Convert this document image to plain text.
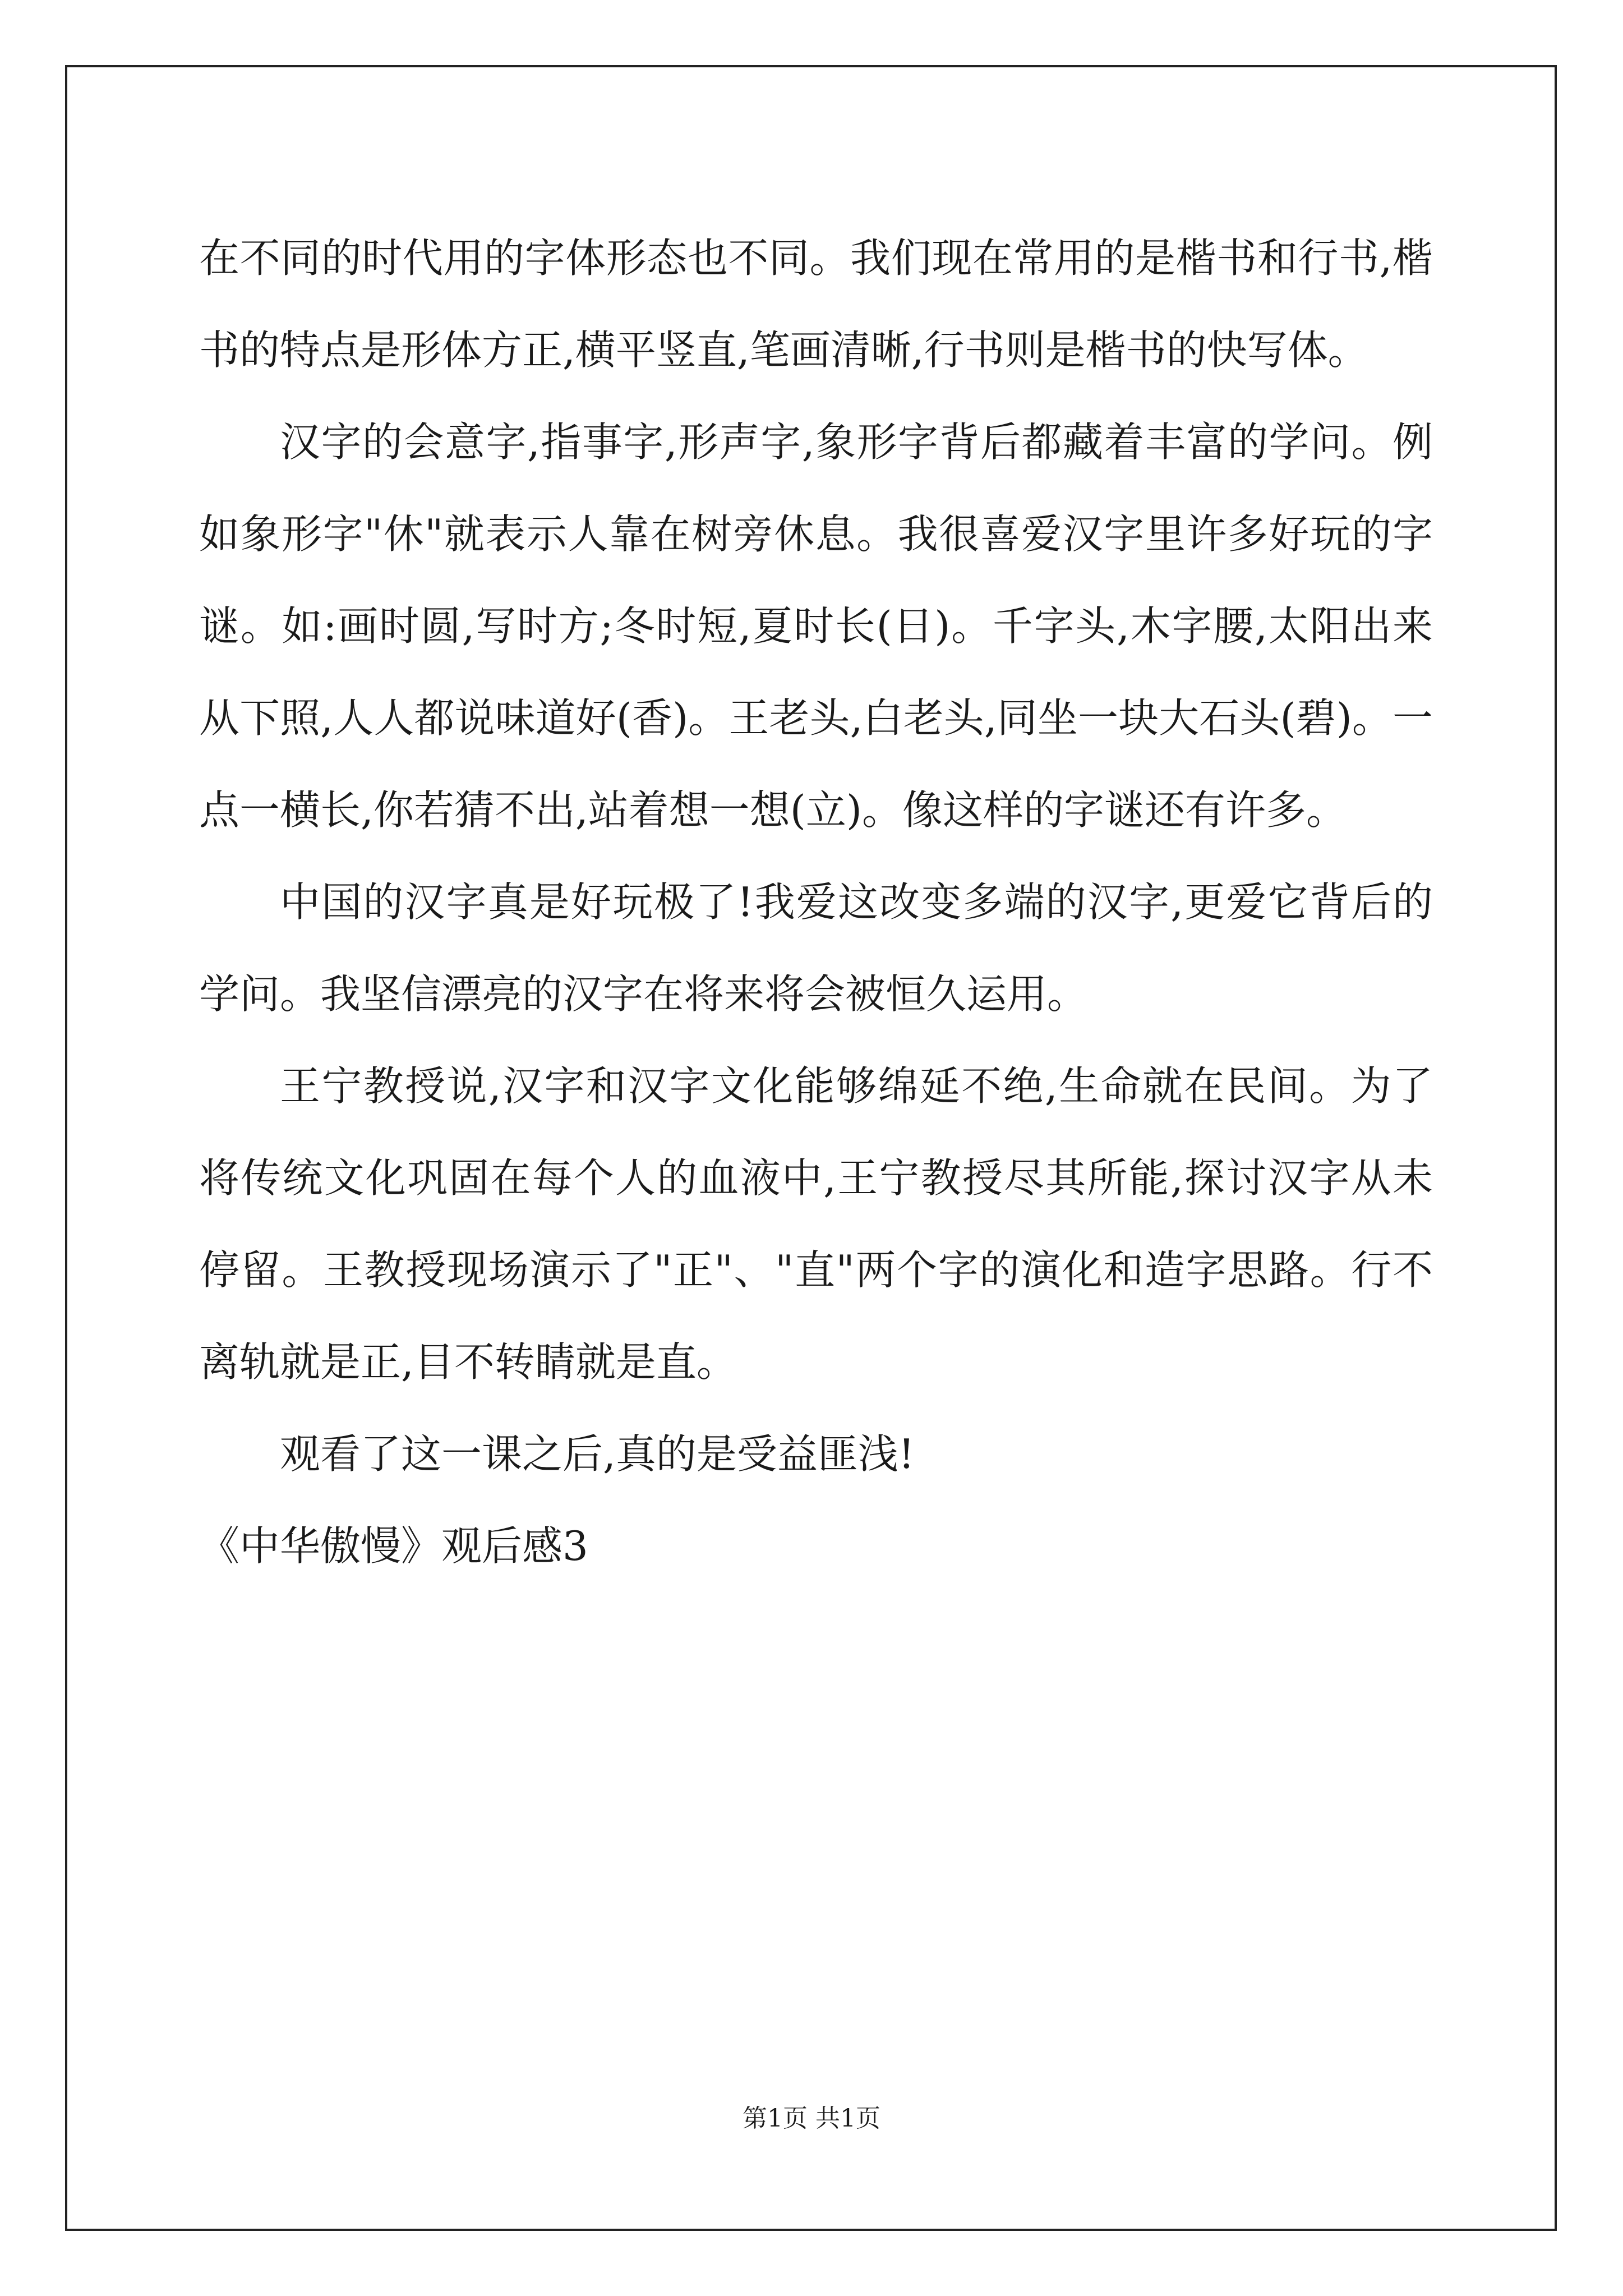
在不同的时代用的字体形态也不同。我们现在常用的是楷书和行书,楷书的特点是形体方正,横平竖直,笔画清晰,行书则是楷书的快写体。

汉字的会意字,指事字,形声字,象形字背后都藏着丰富的学问。例如象形字"休"就表示人靠在树旁休息。我很喜爱汉字里许多好玩的字谜。如:画时圆,写时方;冬时短,夏时长(日)。千字头,木字腰,太阳出来从下照,人人都说味道好(香)。王老头,白老头,同坐一块大石头(碧)。一点一横长,你若猜不出,站着想一想(立)。像这样的字谜还有许多。

中国的汉字真是好玩极了!我爱这改变多端的汉字,更爱它背后的学问。我坚信漂亮的汉字在将来将会被恒久运用。

王宁教授说,汉字和汉字文化能够绵延不绝,生命就在民间。为了将传统文化巩固在每个人的血液中,王宁教授尽其所能,探讨汉字从未停留。王教授现场演示了"正"、"直"两个字的演化和造字思路。行不离轨就是正,目不转睛就是直。

观看了这一课之后,真的是受益匪浅!

《中华傲慢》观后感3

第1页 共1页
